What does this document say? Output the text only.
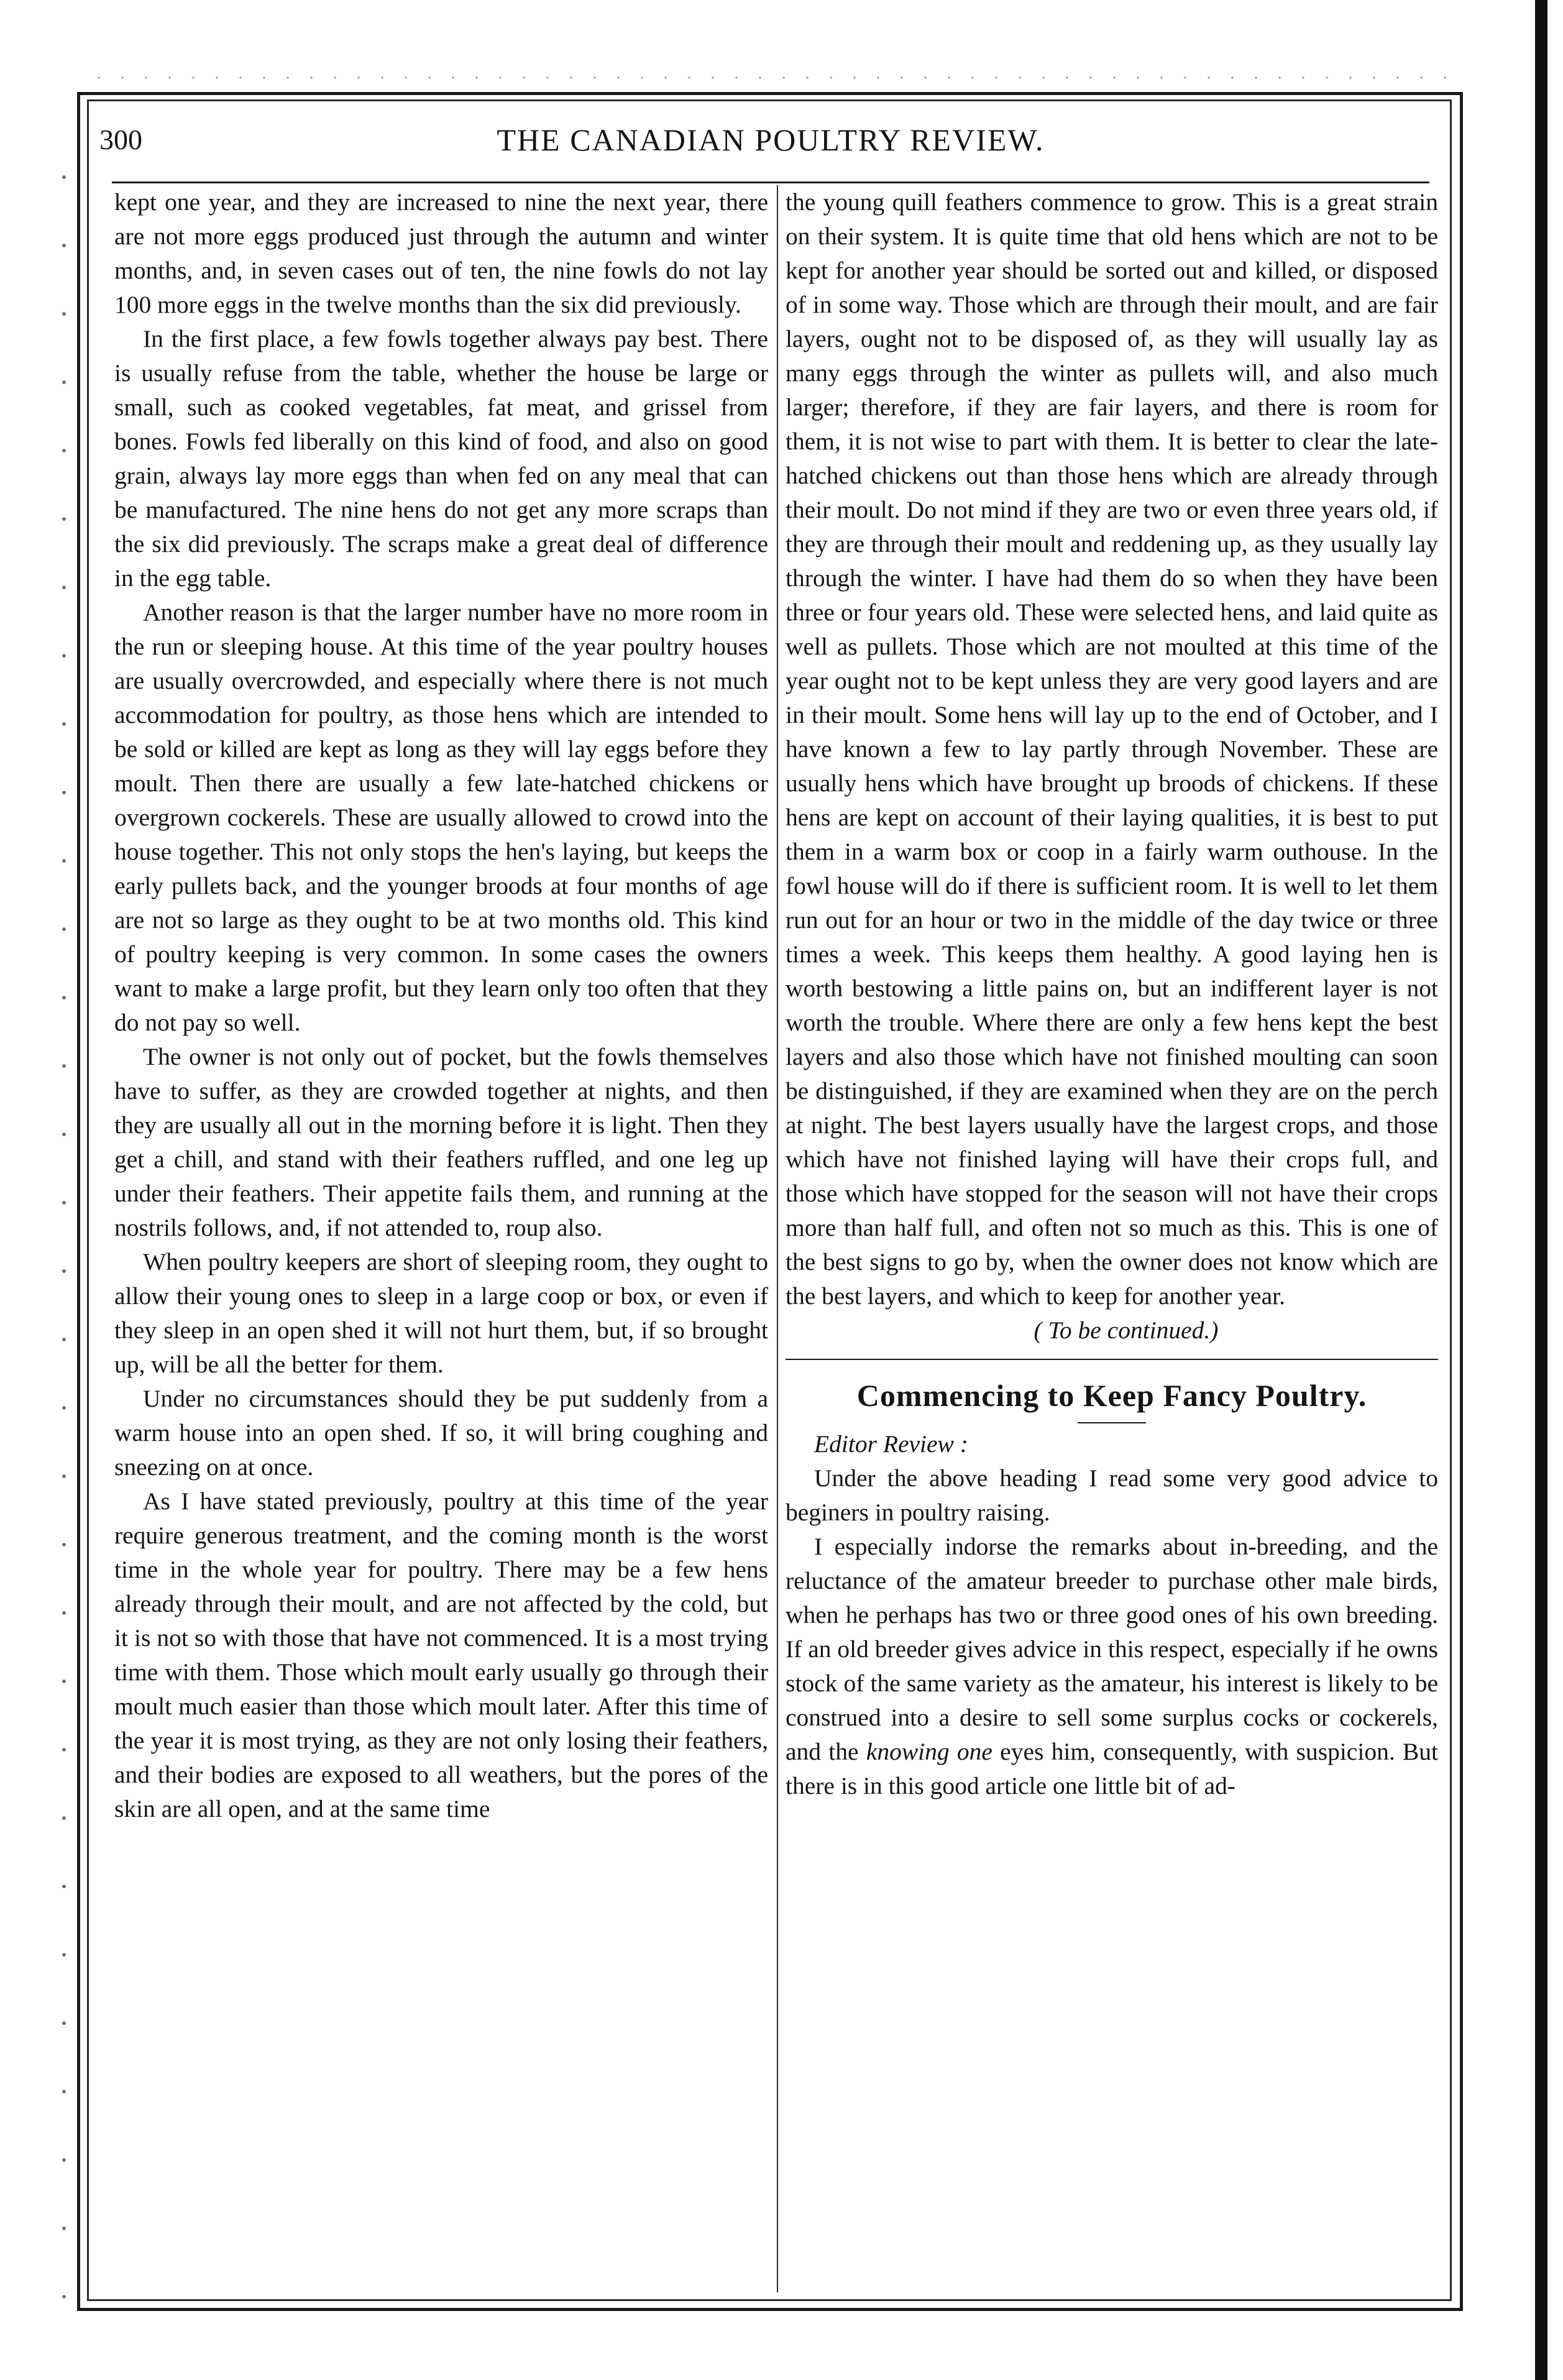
300	THE CANADIAN POULTRY REVIEW.

kept one year, and they are increased to nine the next year, there are not more eggs produced just through the autumn and winter months, and, in seven cases out of ten, the nine fowls do not lay 100 more eggs in the twelve months than the six did previously.

In the first place, a few fowls together always pay best. There is usually refuse from the table, whether the house be large or small, such as cooked vegetables, fat meat, and grissel from bones. Fowls fed liberally on this kind of food, and also on good grain, always lay more eggs than when fed on any meal that can be manufactured. The nine hens do not get any more scraps than the six did previously. The scraps make a great deal of difference in the egg table.

Another reason is that the larger number have no more room in the run or sleeping house. At this time of the year poultry houses are usually overcrowded, and especially where there is not much accommodation for poultry, as those hens which are intended to be sold or killed are kept as long as they will lay eggs before they moult. Then there are usually a few late-hatched chickens or overgrown cockerels. These are usually allowed to crowd into the house together. This not only stops the hen's laying, but keeps the early pullets back, and the younger broods at four months of age are not so large as they ought to be at two months old. This kind of poultry keeping is very common. In some cases the owners want to make a large profit, but they learn only too often that they do not pay so well.

The owner is not only out of pocket, but the fowls themselves have to suffer, as they are crowded together at nights, and then they are usually all out in the morning before it is light. Then they get a chill, and stand with their feathers ruffled, and one leg up under their feathers. Their appetite fails them, and running at the nostrils follows, and, if not attended to, roup also.

When poultry keepers are short of sleeping room, they ought to allow their young ones to sleep in a large coop or box, or even if they sleep in an open shed it will not hurt them, but, if so brought up, will be all the better for them.

Under no circumstances should they be put suddenly from a warm house into an open shed. If so, it will bring coughing and sneezing on at once.

As I have stated previously, poultry at this time of the year require generous treatment, and the coming month is the worst time in the whole year for poultry. There may be a few hens already through their moult, and are not affected by the cold, but it is not so with those that have not commenced. It is a most trying time with them. Those which moult early usually go through their moult much easier than those which moult later. After this time of the year it is most trying, as they are not only losing their feathers, and their bodies are exposed to all weathers, but the pores of the skin are all open, and at the same time

the young quill feathers commence to grow. This is a great strain on their system. It is quite time that old hens which are not to be kept for another year should be sorted out and killed, or disposed of in some way. Those which are through their moult, and are fair layers, ought not to be disposed of, as they will usually lay as many eggs through the winter as pullets will, and also much larger; therefore, if they are fair layers, and there is room for them, it is not wise to part with them. It is better to clear the late-hatched chickens out than those hens which are already through their moult. Do not mind if they are two or even three years old, if they are through their moult and reddening up, as they usually lay through the winter. I have had them do so when they have been three or four years old. These were selected hens, and laid quite as well as pullets. Those which are not moulted at this time of the year ought not to be kept unless they are very good layers and are in their moult. Some hens will lay up to the end of October, and I have known a few to lay partly through November. These are usually hens which have brought up broods of chickens. If these hens are kept on account of their laying qualities, it is best to put them in a warm box or coop in a fairly warm outhouse. In the fowl house will do if there is sufficient room. It is well to let them run out for an hour or two in the middle of the day twice or three times a week. This keeps them healthy. A good laying hen is worth bestowing a little pains on, but an indifferent layer is not worth the trouble. Where there are only a few hens kept the best layers and also those which have not finished moulting can soon be distinguished, if they are examined when they are on the perch at night. The best layers usually have the largest crops, and those which have not finished laying will have their crops full, and those which have stopped for the season will not have their crops more than half full, and often not so much as this. This is one of the best signs to go by, when the owner does not know which are the best layers, and which to keep for another year.

( To be continued.)

Commencing to Keep Fancy Poultry.

Editor Review :

Under the above heading I read some very good advice to beginers in poultry raising.

I especially indorse the remarks about in-breeding, and the reluctance of the amateur breeder to purchase other male birds, when he perhaps has two or three good ones of his own breeding. If an old breeder gives advice in this respect, especially if he owns stock of the same variety as the amateur, his interest is likely to be construed into a desire to sell some surplus cocks or cockerels, and the knowing one eyes him, consequently, with suspicion. But there is in this good article one little bit of ad-
